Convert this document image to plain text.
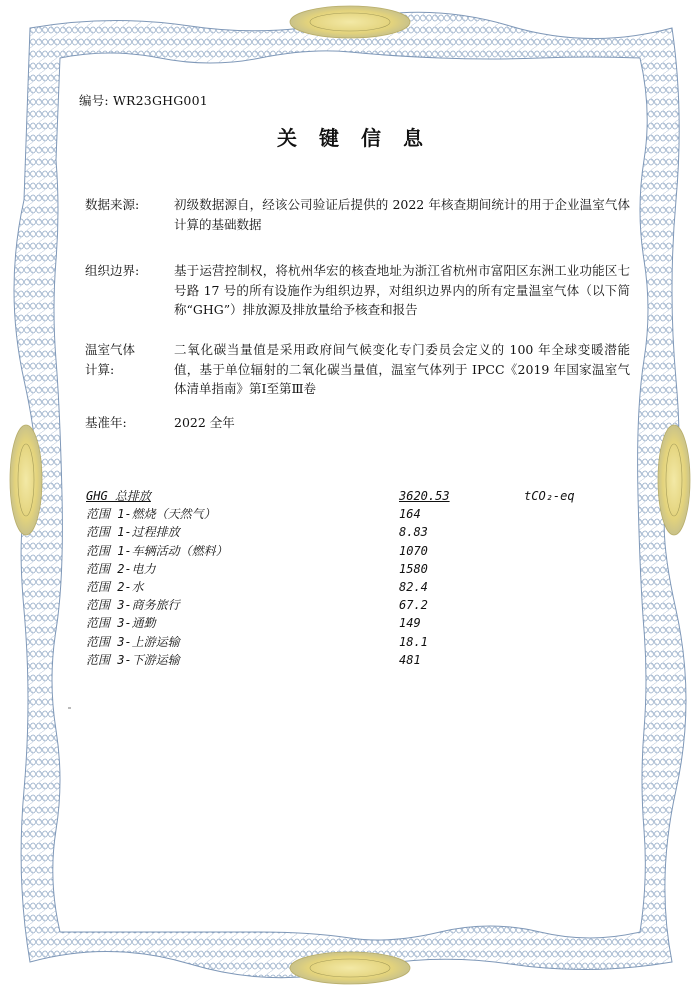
编号: WR23GHG001
关键信息
数据来源:	初级数据源自，经该公司验证后提供的 2022 年核查期间统计的用于企业温室气体计算的基础数据
组织边界:	基于运营控制权，将杭州华宏的核查地址为浙江省杭州市富阳区东洲工业功能区七号路 17 号的所有设施作为组织边界，对组织边界内的所有定量温室气体（以下简称“GHG”）排放源及排放量给予核查和报告
温室气体计算:
二氧化碳当量值是采用政府间气候变化专门委员会定义的 100 年全球变暖潜能值，基于单位辐射的二氧化碳当量值，温室气体列于 IPCC《2019 年国家温室气体清单指南》第Ⅰ至第Ⅲ卷
基准年:	2022 全年
GHG 总排放	3620.53	tCO₂-eq
范围 1-燃烧（天然气）	164
范围 1-过程排放	8.83
范围 1-车辆活动（燃料）	1070
范围 2-电力	1580
范围 2-水	82.4
范围 3-商务旅行	67.2
范围 3-通勤	149
范围 3-上游运输	18.1
范围 3-下游运输	481
